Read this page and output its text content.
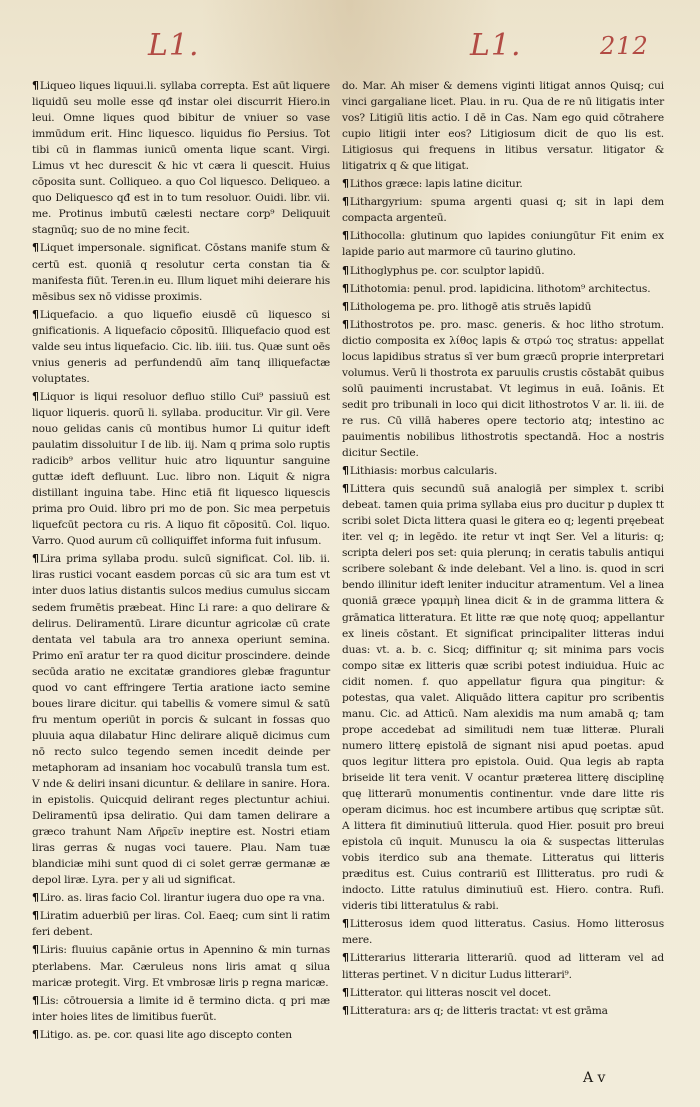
L1.	L1.	212

¶Liqueo liques liquui.li. syllaba correpta. Est aūt liquere liquidū seu molle esse qđ instar olei discurrit Hiero.in leui. Omne liques quod bibitur de vniuer so vase immūdum erit. Hinc liquesco. liquidus fio Persius. Tot tibi cū in flammas iunicū omenta lique scant. Virgi. Limus vt hec durescit & hic vt cæra li quescit. Huius cōposita sunt. Colliqueo. a quo Col liquesco. Deliqueo. a quo Deliquesco qđ est in to tum resoluor. Ouidi. libr. vii. me. Protinus imbutū cælesti nectare corp⁹ Deliquuit stagnūq; suo de no mine fecit.

¶Liquet impersonale. significat. Cōstans manife stum & certū est. quoniā q resolutur certa constan tia & manifesta fiūt. Teren.in eu. Illum liquet mihi deierare his mēsibus sex nō vidisse proximis.

¶Liquefacio. a quo liquefio eiusdē cū liquesco si gnificationis. A liquefacio cōpositū. Illiquefacio quod est valde seu intus liquefacio. Cic. lib. iiii. tus. Quæ sunt oēs vnius generis ad perfundendū aīm tanq illiquefactæ voluptates.

¶Liquor is liqui resoluor defluo stillo Cui⁹ passiuū est liquor liqueris. quorū li. syllaba. producitur. Vir gil. Vere nouo gelidas canis cū montibus humor Li quitur ideft paulatim dissoluitur I de lib. iij. Nam q prima solo ruptis radicib⁹ arbos vellitur huic atro liquuntur sanguine guttæ ideft defluunt. Luc. libro non. Liquit & nigra distillant inguina tabe. Hinc etiā fit liquesco liquescis prima pro Ouid. libro pri mo de pon. Sic mea perpetuis liquefcūt pectora cu ris. A liquo fit cōpositū. Col. liquo. Varro. Quod aurum cū colliquiffet informa fuit infusum.

¶Lira prima syllaba produ. sulcū significat. Col. lib. ii. liras rustici vocant easdem porcas cū sic ara tum est vt inter duos latius distantis sulcos medius cumulus siccam sedem frumētis præbeat. Hinc Li rare: a quo delirare & delirus. Deliramentū. Lirare dicuntur agricolæ cū crate dentata vel tabula ara tro annexa operiunt semina. Primo enī aratur ter ra quod dicitur proscindere. deinde secūda aratio ne excitatæ grandiores glebæ fraguntur quod vo cant effringere Tertia aratione iacto semine boues lirare dicitur. qui tabellis & vomere simul & satū fru mentum operiūt in porcis & sulcant in fossas quo pluuia aqua dilabatur Hinc delirare aliquē dicimus cum nō recto sulco tegendo semen incedit deinde per metaphoram ad insaniam hoc vocabulū transla tum est. V nde & deliri insani dicuntur. & delilare in sanire. Hora. in epistolis. Quicquid delirant reges plectuntur achiui. Deliramentū ipsa deliratio. Qui dam tamen delirare a græco trahunt Nam Λῆρεῖν ineptire est. Nostri etiam liras gerras & nugas voci tauere. Plau. Nam tuæ blandiciæ mihi sunt quod di ci solet gerræ germanæ æ depol liræ. Lyra. per y ali ud significat.

¶Liro. as. liras facio Col. lirantur iugera duo ope ra vna.

¶Liratim aduerbiū per liras. Col. Eaeq; cum sint li ratim feri debent.

¶Liris: fluuius capānie ortus in Apennino & min turnas pterlabens. Mar. Cæruleus nons liris amat q silua maricæ protegit. Virg. Et vmbrosæ liris p regna maricæ.

¶Lis: cōtrouersia a limite id ē termino dicta. q pri mæ inter hoies lites de limitibus fuerūt.

¶Litigo. as. pe. cor. quasi lite ago discepto conten

do. Mar. Ah miser & demens viginti litigat annos Quisq; cui vinci gargaliane licet. Plau. in ru. Qua de re nū litigatis inter vos? Litigiū litis actio. I dē in Cas. Nam ego quid cōtrahere cupio litigii inter eos? Litigiosum dicit de quo lis est. Litigiosus qui frequens in litibus versatur. litigator & litigatrix q & que litigat.

¶Lithos græce: lapis latine dicitur.

¶Lithargyrium: spuma argenti quasi q; sit in lapi dem compacta argenteū.

¶Lithocolla: glutinum quo lapides coniungūtur Fit enim ex lapide pario aut marmore cū taurino glutino.

¶Lithoglyphus pe. cor. sculptor lapidū.

¶Lithotomia: penul. prod. lapidicina. lithotom⁹ architectus.

¶Lithologema pe. pro. lithogē atis struēs lapidū

¶Lithostrotos pe. pro. masc. generis. & hoc litho strotum. dictio composita ex λίθος lapis & στρώ τος stratus: appellat locus lapidibus stratus sī ver bum græcū proprie interpretari volumus. Verū li thostrota ex paruulis crustis cōstabāt quibus solū pauimenti incrustabat. Vt legimus in euā. Ioānis. Et sedit pro tribunali in loco qui dicit lithostrotos V ar. li. iii. de re rus. Cū villā haberes opere tectorio atq; intestino ac pauimentis nobilibus lithostrotis spectandā. Hoc a nostris dicitur Sectile.

¶Lithiasis: morbus calcularis.

¶Littera quis secundū suā analogiā per simplex t. scribi debeat. tamen quia prima syllaba eius pro ducitur p duplex tt scribi solet Dicta littera quasi le gitera eo q; legenti pręebeat iter. vel q; in legēdo. ite retur vt inqt Ser. Vel a lituris: q; scripta deleri pos set: quia plerunq; in ceratis tabulis antiqui scribere solebant & inde delebant. Vel a lino. is. quod in scri bendo illinitur ideft leniter inducitur atramentum. Vel a linea quoniā græce γραμμὴ linea dicit & in de gramma littera & grāmatica litteratura. Et litte ræ que notę quoq; appellantur ex lineis cōstant. Et significat principaliter litteras indui duas: vt. a. b. c. Sicq; diffinitur q; sit minima pars vocis compo sitæ ex litteris quæ scribi potest indiuidua. Huic ac cidit nomen. f. quo appellatur figura qua pingitur: & potestas, qua valet. Aliquādo littera capitur pro scribentis manu. Cic. ad Atticū. Nam alexidis ma num amabā q; tam prope accedebat ad similitudi nem tuæ litteræ. Plurali numero litterę epistolā de signant nisi apud poetas. apud quos legitur littera pro epistola. Ouid. Qua legis ab rapta briseide lit tera venit. V ocantur præterea litterę disciplinę quę litterarū monumentis continentur. vnde dare litte ris operam dicimus. hoc est incumbere artibus quę scriptæ sūt. A littera fit diminutiuū litterula. quod Hier. posuit pro breui epistola cū inquit. Munuscu la oia & suspectas litterulas vobis iterdico sub ana themate. Litteratus qui litteris præditus est. Cuius contrariū est Illitteratus. pro rudi & indocto. Litte ratulus diminutiuū est. Hiero. contra. Rufi. videris tibi litteratulus & rabi.

¶Litterosus idem quod litteratus. Casius. Homo litterosus mere.

¶Litterarius litteraria litterariū. quod ad litteram vel ad litteras pertinet. V n dicitur Ludus litterari⁹.

¶Litterator. qui litteras noscit vel docet.

¶Litteratura: ars q; de litteris tractat: vt est grāma

A v
